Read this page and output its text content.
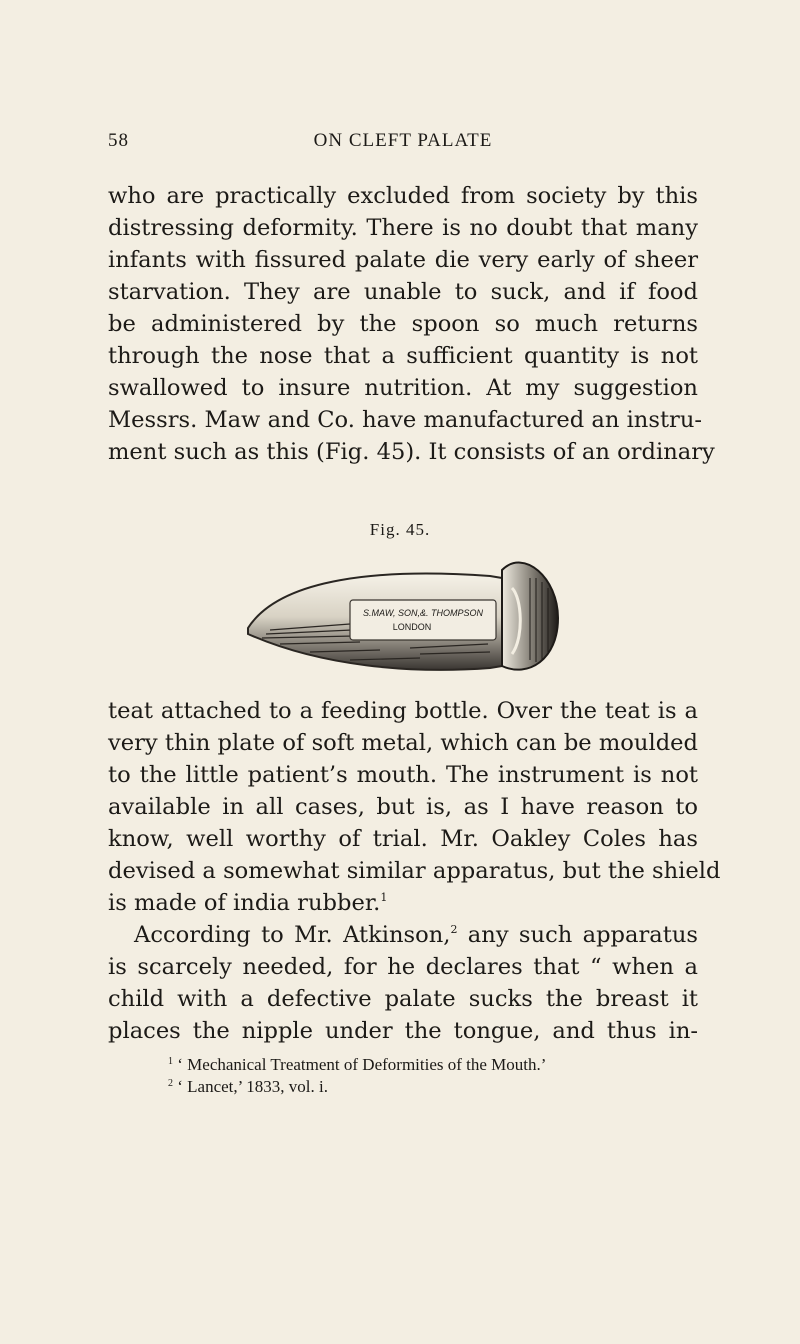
58	ON CLEFT PALATE
who are practically excluded from society by this
distressing deformity. There is no doubt that many
infants with fissured palate die very early of sheer
starvation. They are unable to suck, and if food
be administered by the spoon so much returns
through the nose that a sufficient quantity is not
swallowed to insure nutrition. At my suggestion
Messrs. Maw and Co. have manufactured an instru-
ment such as this (Fig. 45). It consists of an ordinary
Fig. 45.
S.MAW, SON,&. THOMPSON
LONDON
teat attached to a feeding bottle. Over the teat is a
very thin plate of soft metal, which can be moulded
to the little patient’s mouth. The instrument is not
available in all cases, but is, as I have reason to
know, well worthy of trial. Mr. Oakley Coles has
devised a somewhat similar apparatus, but the shield
is made of india rubber.$^1$
According to Mr. Atkinson,$^2$ any such apparatus
is scarcely needed, for he declares that “ when a
child with a defective palate sucks the breast it
places the nipple under the tongue, and thus in-
$^1$ ‘ Mechanical Treatment of Deformities of the Mouth.’
$^2$ ‘ Lancet,’ 1833, vol. i.
